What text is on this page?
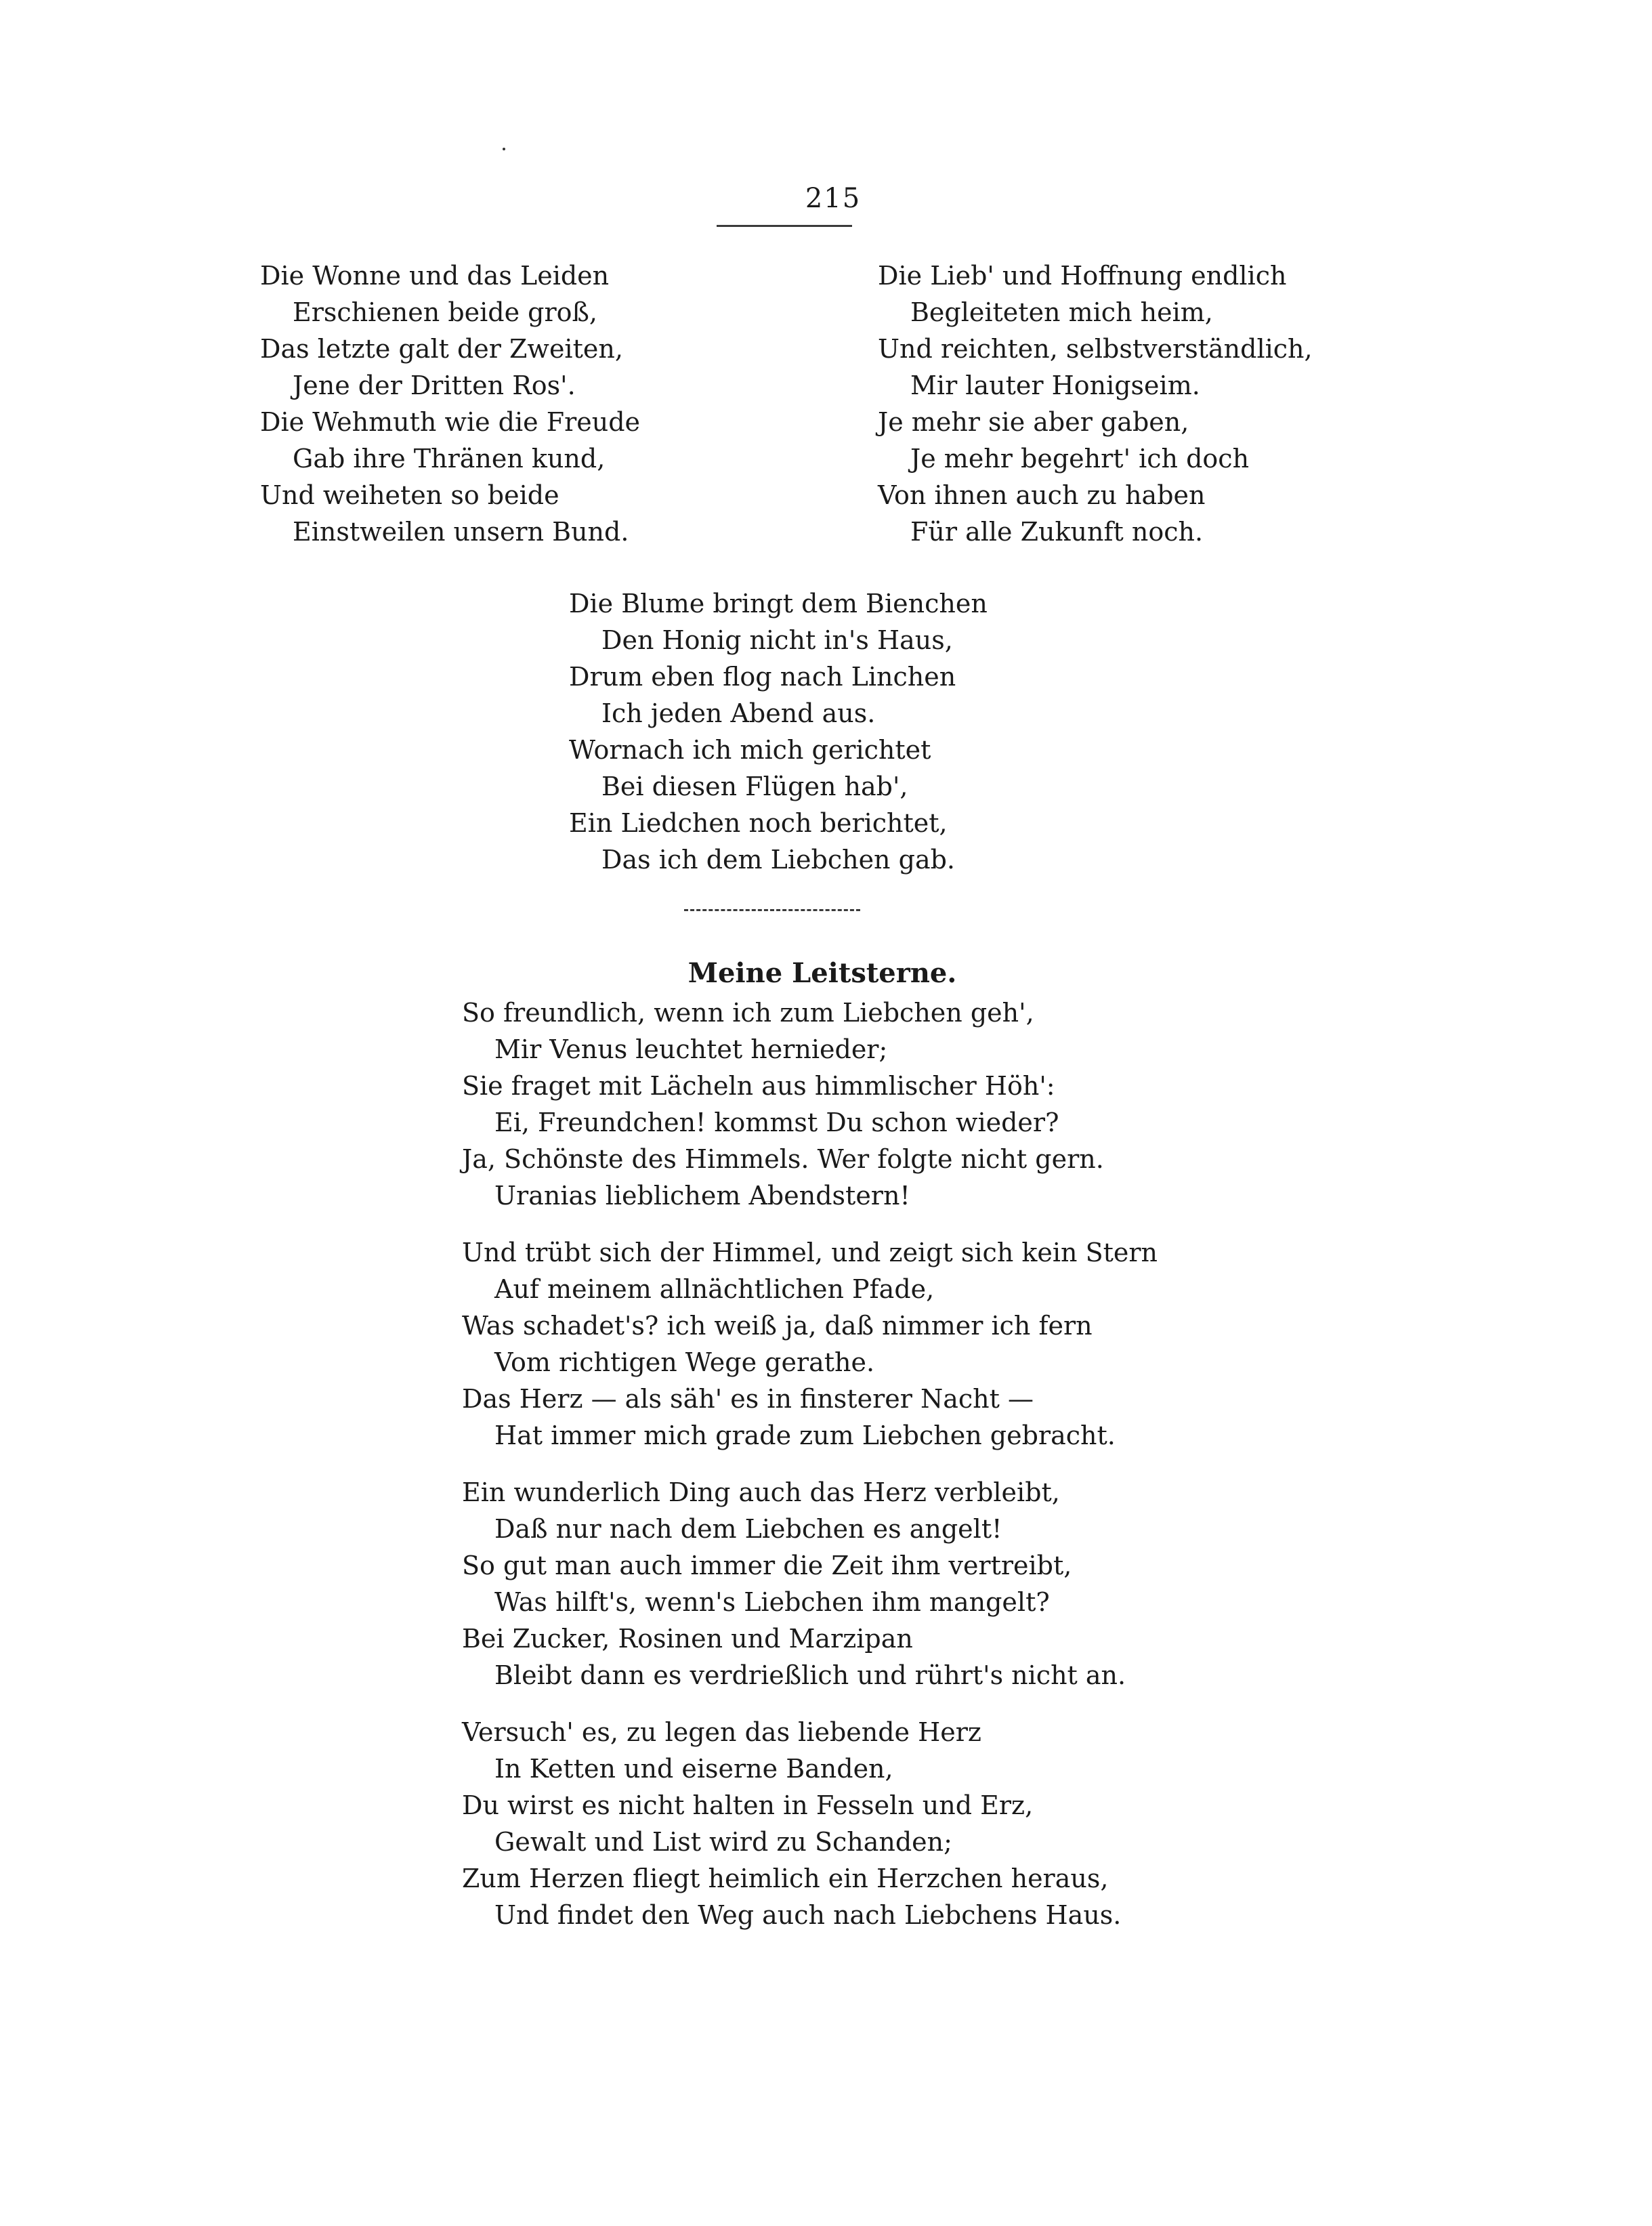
215
Die Wonne und das Leiden
Erschienen beide groß,
Das letzte galt der Zweiten,
Jene der Dritten Ros'.
Die Wehmuth wie die Freude
Gab ihre Thränen kund,
Und weiheten so beide
Einstweilen unsern Bund.
Die Lieb' und Hoffnung endlich
Begleiteten mich heim,
Und reichten, selbstverständlich,
Mir lauter Honigseim.
Je mehr sie aber gaben,
Je mehr begehrt' ich doch
Von ihnen auch zu haben
Für alle Zukunft noch.
Die Blume bringt dem Bienchen
Den Honig nicht in's Haus,
Drum eben flog nach Linchen
Ich jeden Abend aus.
Wornach ich mich gerichtet
Bei diesen Flügen hab',
Ein Liedchen noch berichtet,
Das ich dem Liebchen gab.
Meine Leitsterne.
So freundlich, wenn ich zum Liebchen geh',
Mir Venus leuchtet hernieder;
Sie fraget mit Lächeln aus himmlischer Höh':
Ei, Freundchen! kommst Du schon wieder?
Ja, Schönste des Himmels. Wer folgte nicht gern.
Uranias lieblichem Abendstern!
Und trübt sich der Himmel, und zeigt sich kein Stern
Auf meinem allnächtlichen Pfade,
Was schadet's? ich weiß ja, daß nimmer ich fern
Vom richtigen Wege gerathe.
Das Herz — als säh' es in finsterer Nacht —
Hat immer mich grade zum Liebchen gebracht.
Ein wunderlich Ding auch das Herz verbleibt,
Daß nur nach dem Liebchen es angelt!
So gut man auch immer die Zeit ihm vertreibt,
Was hilft's, wenn's Liebchen ihm mangelt?
Bei Zucker, Rosinen und Marzipan
Bleibt dann es verdrießlich und rührt's nicht an.
Versuch' es, zu legen das liebende Herz
In Ketten und eiserne Banden,
Du wirst es nicht halten in Fesseln und Erz,
Gewalt und List wird zu Schanden;
Zum Herzen fliegt heimlich ein Herzchen heraus,
Und findet den Weg auch nach Liebchens Haus.
